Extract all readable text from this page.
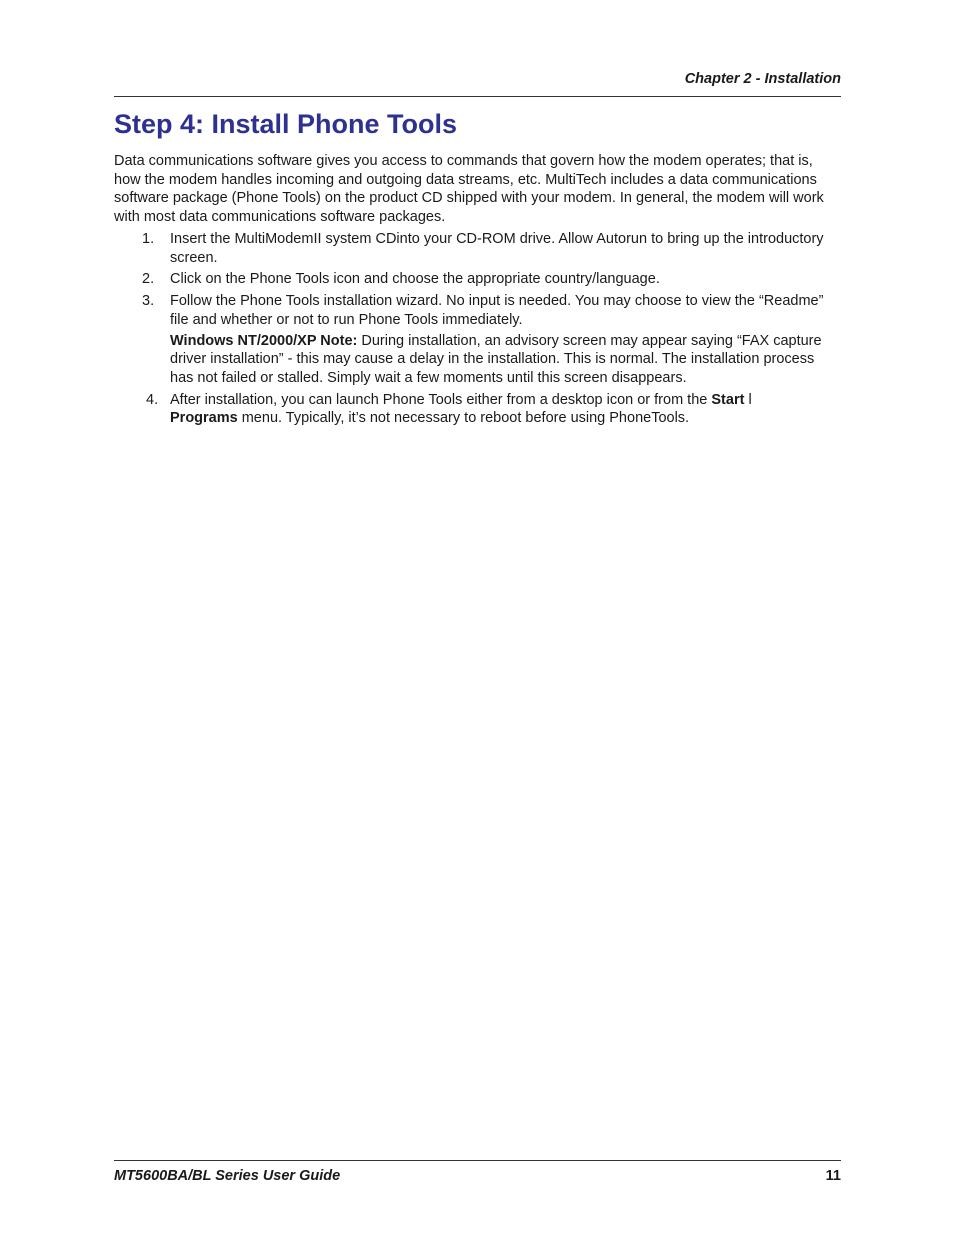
Chapter 2 - Installation
Step 4: Install Phone Tools

Data communications software gives you access to commands that govern how the modem operates; that is, how the modem handles incoming and outgoing data streams, etc. MultiTech includes a data communications software package (Phone Tools) on the product CD shipped with your modem. In general, the modem will work with most data communications software packages.

1. Insert the MultiModemII system CDinto your CD-ROM drive. Allow Autorun to bring up the introductory screen.
2. Click on the Phone Tools icon and choose the appropriate country/language.
3. Follow the Phone Tools installation wizard. No input is needed. You may choose to view the “Readme” file and whether or not to run Phone Tools immediately.
Windows NT/2000/XP Note: During installation, an advisory screen may appear saying “FAX capture driver installation” - this may cause a delay in the installation. This is normal. The installation process has not failed or stalled. Simply wait a few moments until this screen disappears.
4. After installation, you can launch Phone Tools either from a desktop icon or from the Start l
Programs menu. Typically, it’s not necessary to reboot before using PhoneTools.
MT5600BA/BL Series User Guide	11
